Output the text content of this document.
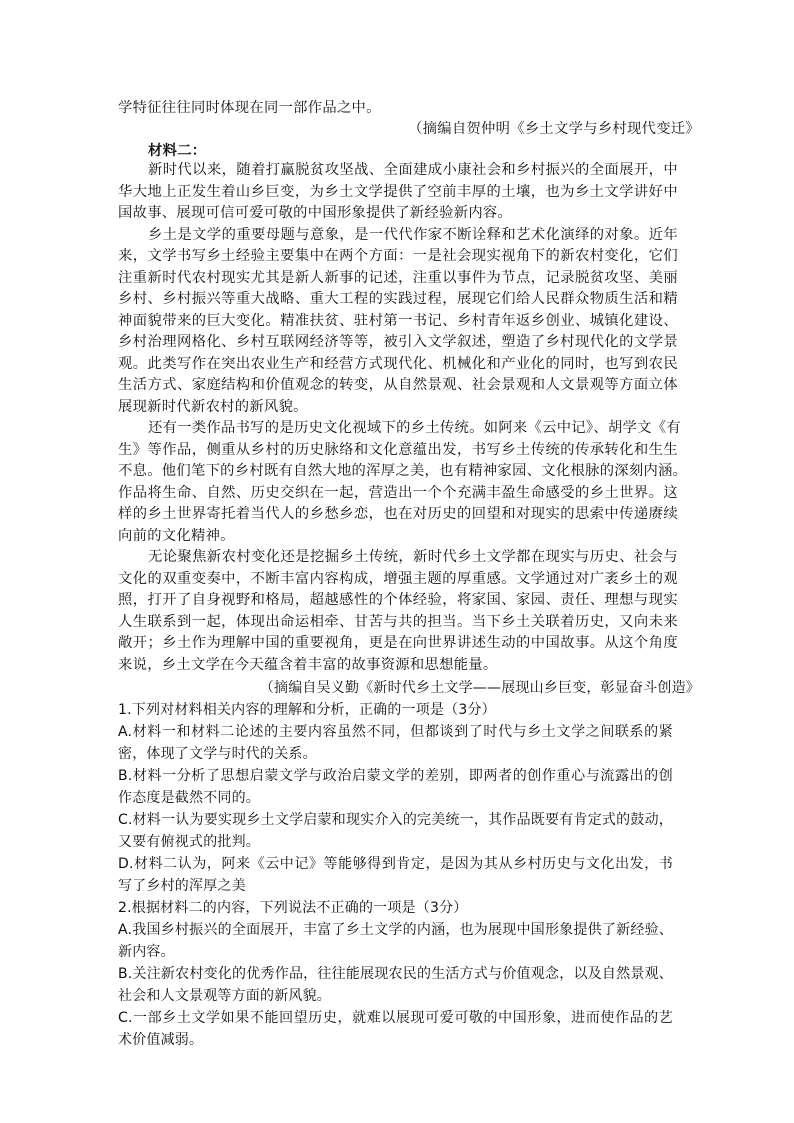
学特征往往同时体现在同一部作品之中。
（摘编自贺仲明《乡土文学与乡村现代变迁》
材料二：
新时代以来，随着打赢脱贫攻坚战、全面建成小康社会和乡村振兴的全面展开，中
华大地上正发生着山乡巨变，为乡土文学提供了空前丰厚的土壤，也为乡土文学讲好中
国故事、展现可信可爱可敬的中国形象提供了新经验新内容。
乡土是文学的重要母题与意象，是一代代作家不断诠释和艺术化演绎的对象。近年
来，文学书写乡土经验主要集中在两个方面：一是社会现实视角下的新农村变化，它们
注重新时代农村现实尤其是新人新事的记述，注重以事件为节点，记录脱贫攻坚、美丽
乡村、乡村振兴等重大战略、重大工程的实践过程，展现它们给人民群众物质生活和精
神面貌带来的巨大变化。精准扶贫、驻村第一书记、乡村青年返乡创业、城镇化建设、
乡村治理网格化、乡村互联网经济等等，被引入文学叙述，塑造了乡村现代化的文学景
观。此类写作在突出农业生产和经营方式现代化、机械化和产业化的同时，也写到农民
生活方式、家庭结构和价值观念的转变，从自然景观、社会景观和人文景观等方面立体
展现新时代新农村的新风貌。
还有一类作品书写的是历史文化视域下的乡土传统。如阿来《云中记》、胡学文《有
生》等作品，侧重从乡村的历史脉络和文化意蕴出发，书写乡土传统的传承转化和生生
不息。他们笔下的乡村既有自然大地的浑厚之美，也有精神家园、文化根脉的深刻内涵。
作品将生命、自然、历史交织在一起，营造出一个个充满丰盈生命感受的乡土世界。这
样的乡土世界寄托着当代人的乡愁乡恋，也在对历史的回望和对现实的思索中传递赓续
向前的文化精神。
无论聚焦新农村变化还是挖掘乡土传统，新时代乡土文学都在现实与历史、社会与
文化的双重变奏中，不断丰富内容构成，增强主题的厚重感。文学通过对广袤乡土的观
照，打开了自身视野和格局，超越感性的个体经验，将家国、家园、责任、理想与现实
人生联系到一起，体现出命运相牵、甘苦与共的担当。当下乡土关联着历史，又向未来
敞开；乡土作为理解中国的重要视角，更是在向世界讲述生动的中国故事。从这个角度
来说，乡土文学在今天蕴含着丰富的故事资源和思想能量。
（摘编自吴义勤《新时代乡土文学——展现山乡巨变，彰显奋斗创造》
1.下列对材料相关内容的理解和分析，正确的一项是（3分）
A.材料一和材料二论述的主要内容虽然不同，但都谈到了时代与乡土文学之间联系的紧
密，体现了文学与时代的关系。
B.材料一分析了思想启蒙文学与政治启蒙文学的差别，即两者的创作重心与流露出的创
作态度是截然不同的。
C.材料一认为要实现乡土文学启蒙和现实介入的完美统一，其作品既要有肯定式的鼓动，
又要有俯视式的批判。
D.材料二认为，阿来《云中记》等能够得到肯定，是因为其从乡村历史与文化出发，书
写了乡村的浑厚之美
2.根据材料二的内容，下列说法不正确的一项是（3分）
A.我国乡村振兴的全面展开，丰富了乡土文学的内涵，也为展现中国形象提供了新经验、
新内容。
B.关注新农村变化的优秀作品，往往能展现农民的生活方式与价值观念，以及自然景观、
社会和人文景观等方面的新风貌。
C.一部乡土文学如果不能回望历史，就难以展现可爱可敬的中国形象，进而使作品的艺
术价值减弱。
